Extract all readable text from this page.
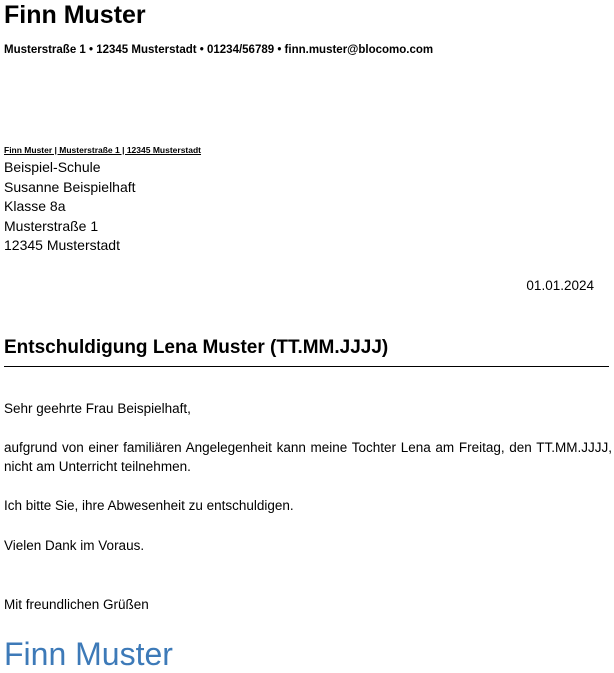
Finn Muster
Musterstraße 1 • 12345 Musterstadt • 01234/56789 • finn.muster@blocomo.com
Finn Muster | Musterstraße 1 | 12345 Musterstadt
Beispiel-Schule
Susanne Beispielhaft
Klasse 8a
Musterstraße 1
12345 Musterstadt
01.01.2024
Entschuldigung Lena Muster (TT.MM.JJJJ)
Sehr geehrte Frau Beispielhaft,
aufgrund von einer familiären Angelegenheit kann meine Tochter Lena am Freitag, den TT.MM.JJJJ, nicht am Unterricht teilnehmen.
Ich bitte Sie, ihre Abwesenheit zu entschuldigen.
Vielen Dank im Voraus.
Mit freundlichen Grüßen
Finn Muster
